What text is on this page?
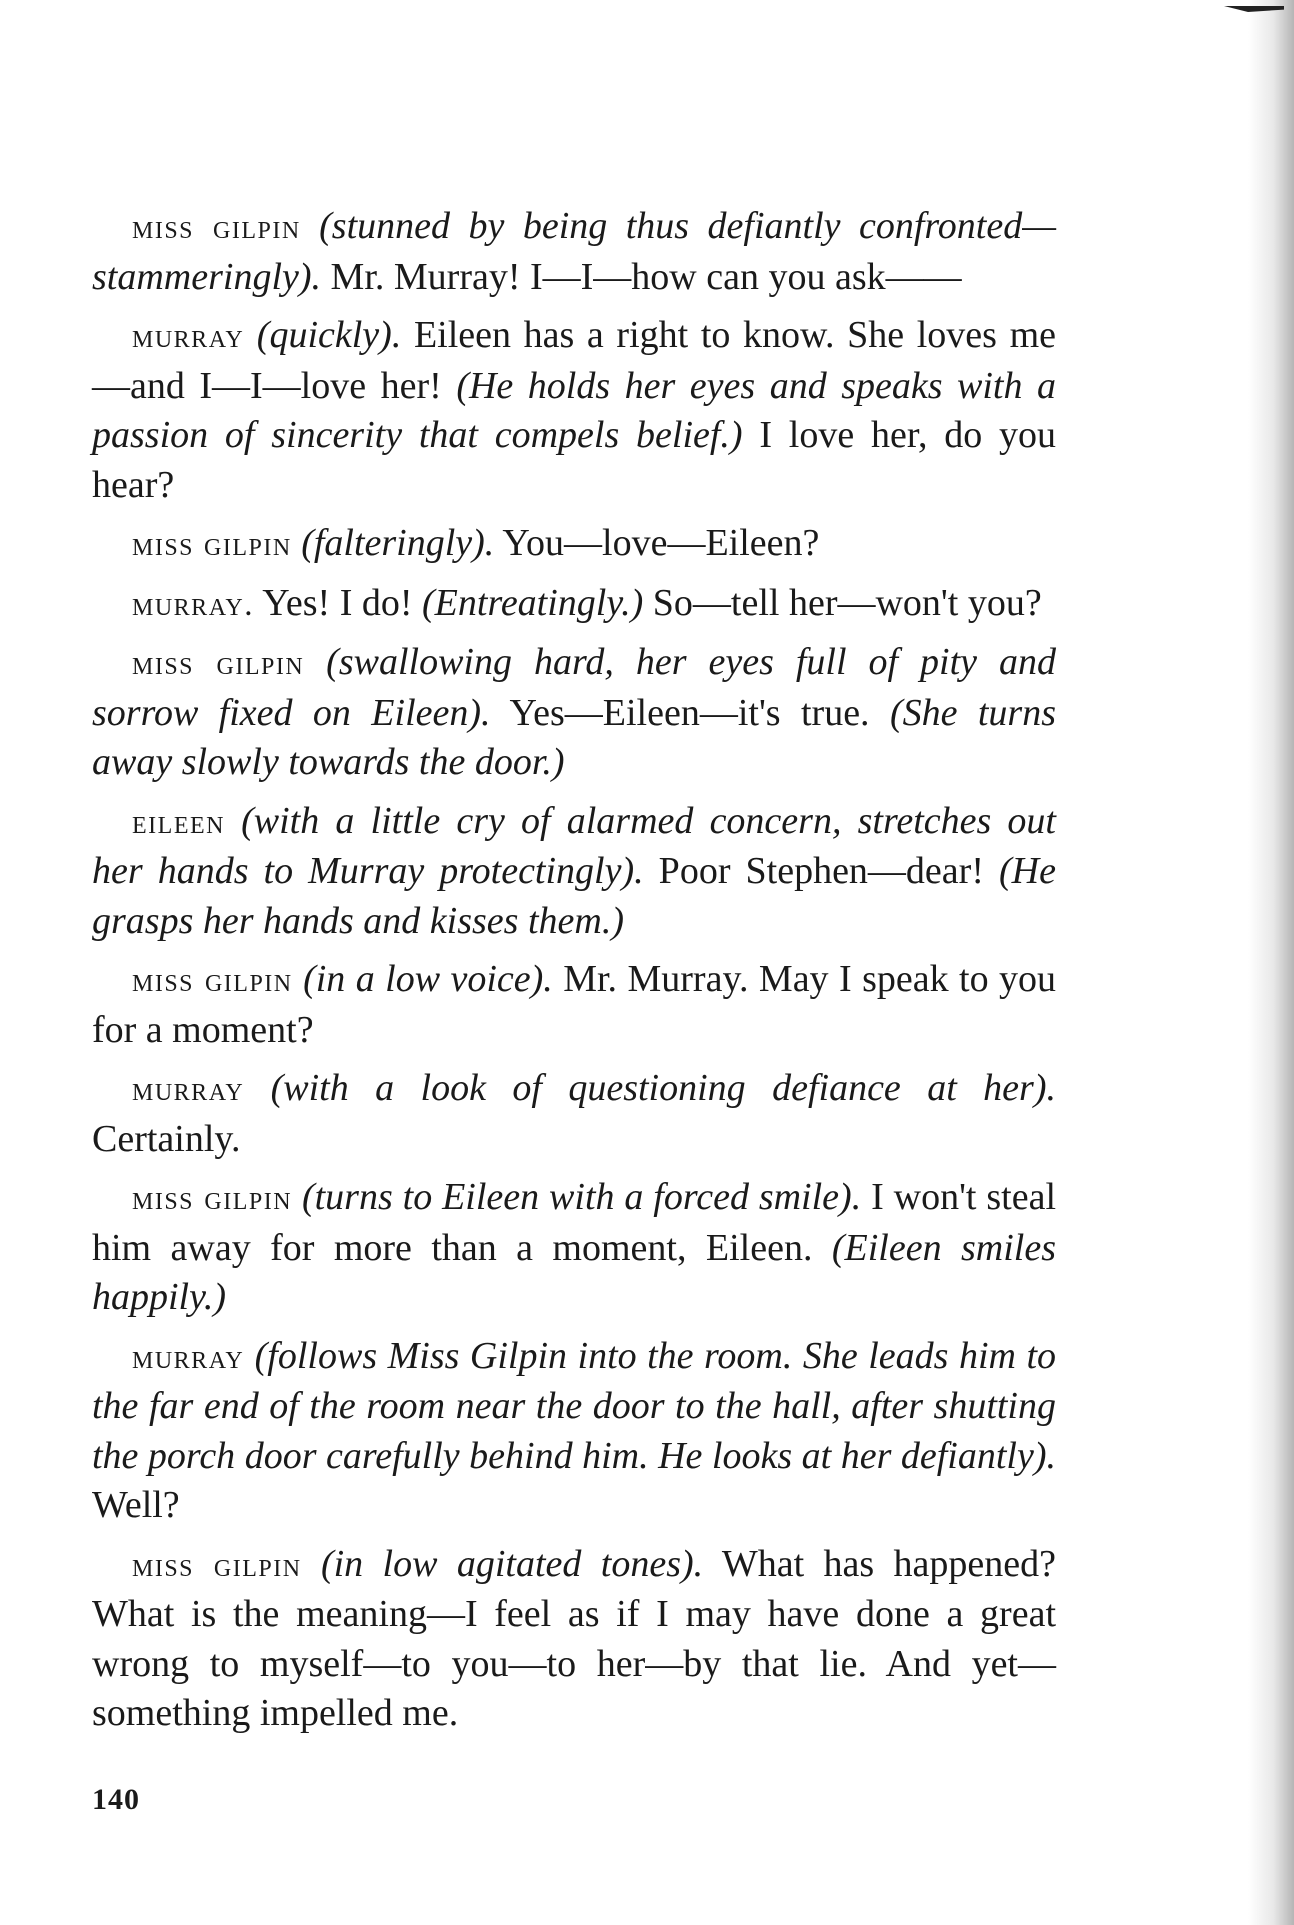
miss gilpin (stunned by being thus defiantly confronted—stammeringly). Mr. Murray! I—I—how can you ask——

murray (quickly). Eileen has a right to know. She loves me—and I—I—love her! (He holds her eyes and speaks with a passion of sincerity that compels belief.) I love her, do you hear?

miss gilpin (falteringly). You—love—Eileen?

murray. Yes! I do! (Entreatingly.) So—tell her—won't you?

miss gilpin (swallowing hard, her eyes full of pity and sorrow fixed on Eileen). Yes—Eileen—it's true. (She turns away slowly towards the door.)

eileen (with a little cry of alarmed concern, stretches out her hands to Murray protectingly). Poor Stephen—dear! (He grasps her hands and kisses them.)

miss gilpin (in a low voice). Mr. Murray. May I speak to you for a moment?

murray (with a look of questioning defiance at her). Certainly.

miss gilpin (turns to Eileen with a forced smile). I won't steal him away for more than a moment, Eileen. (Eileen smiles happily.)

murray (follows Miss Gilpin into the room. She leads him to the far end of the room near the door to the hall, after shutting the porch door carefully behind him. He looks at her defiantly). Well?

miss gilpin (in low agitated tones). What has happened? What is the meaning—I feel as if I may have done a great wrong to myself—to you—to her—by that lie. And yet—something impelled me.

140
